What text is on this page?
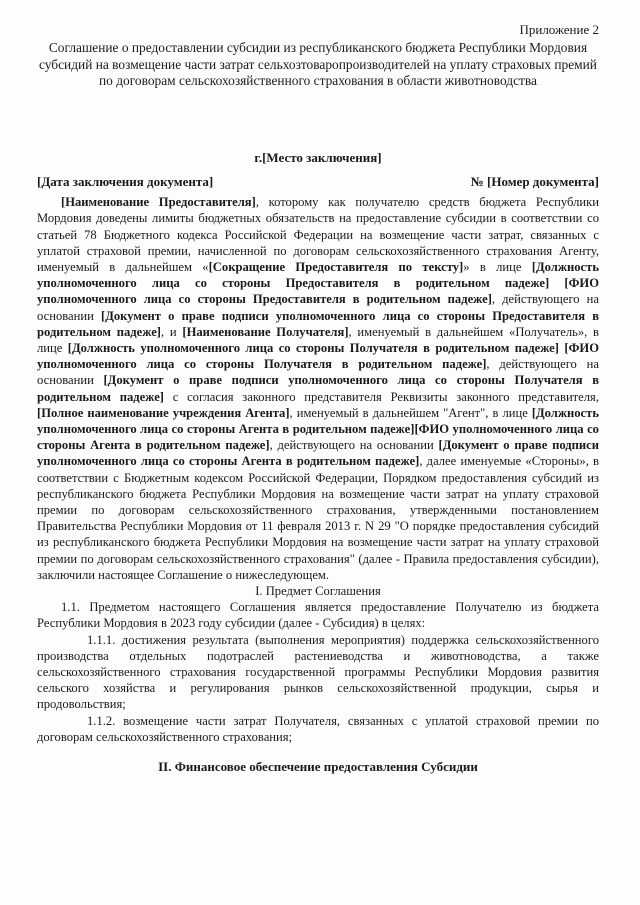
Приложение 2

Соглашение о предоставлении субсидии из республиканского бюджета Республики Мордовия субсидий на возмещение части затрат сельхозтоваропроизводителей на уплату страховых премий по договорам сельскохозяйственного страхования в области животноводства

г.[Место заключения]

[Дата заключения документа]	№ [Номер документа]

[Наименование Предоставителя], которому как получателю средств бюджета Республики Мордовия доведены лимиты бюджетных обязательств на предоставление субсидии в соответствии со статьей 78 Бюджетного кодекса Российской Федерации на возмещение части затрат, связанных с уплатой страховой премии, начисленной по договорам сельскохозяйственного страхования Агенту, именуемый в дальнейшем «[Сокращение Предоставителя по тексту]» в лице [Должность уполномоченного лица со стороны Предоставителя в родительном падеже] [ФИО уполномоченного лица со стороны Предоставителя в родительном падеже], действующего на основании [Документ о праве подписи уполномоченного лица со стороны Предоставителя в родительном падеже], и [Наименование Получателя], именуемый в дальнейшем «Получатель», в лице [Должность уполномоченного лица со стороны Получателя в родительном падеже] [ФИО уполномоченного лица со стороны Получателя в родительном падеже], действующего на основании [Документ о праве подписи уполномоченного лица со стороны Получателя в родительном падеже] с согласия законного представителя Реквизиты законного представителя, [Полное наименование учреждения Агента], именуемый в дальнейшем "Агент", в лице [Должность уполномоченного лица со стороны Агента в родительном падеже][ФИО уполномоченного лица со стороны Агента в родительном падеже], действующего на основании [Документ о праве подписи уполномоченного лица со стороны Агента в родительном падеже], далее именуемые «Стороны», в соответствии с Бюджетным кодексом Российской Федерации, Порядком предоставления субсидий из республиканского бюджета Республики Мордовия на возмещение части затрат на уплату страховой премии по договорам сельскохозяйственного страхования, утвержденными постановлением Правительства Республики Мордовия от 11 февраля 2013 г. N 29 "О порядке предоставления субсидий из республиканского бюджета Республики Мордовия на возмещение части затрат на уплату страховой премии по договорам сельскохозяйственного страхования" (далее - Правила предоставления субсидии), заключили настоящее Соглашение о нижеследующем.

I. Предмет Соглашения

1.1. Предметом настоящего Соглашения является предоставление Получателю из бюджета Республики Мордовия в 2023 году субсидии (далее - Субсидия) в целях:

1.1.1. достижения результата (выполнения мероприятия) поддержка сельскохозяйственного производства отдельных подотраслей растениеводства и животноводства, а также сельскохозяйственного страхования государственной программы Республики Мордовия развития сельского хозяйства и регулирования рынков сельскохозяйственной продукции, сырья и продовольствия;

1.1.2. возмещение части затрат Получателя, связанных с уплатой страховой премии по договорам сельскохозяйственного страхования;

II. Финансовое обеспечение предоставления Субсидии
